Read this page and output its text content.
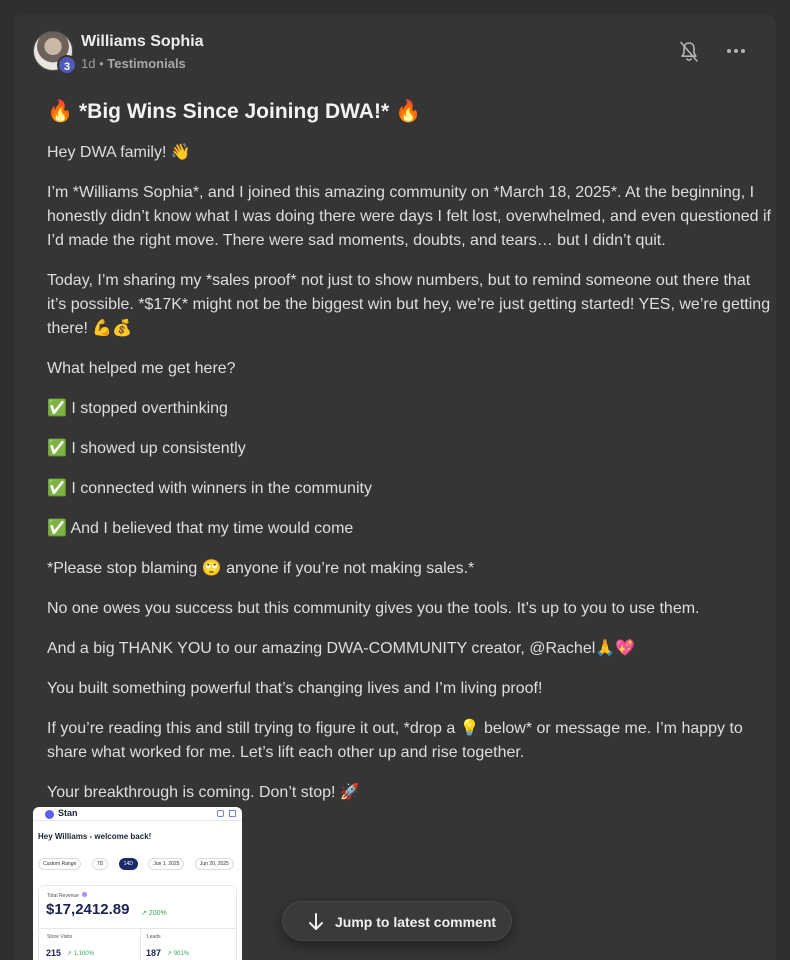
3
Williams Sophia
1d • Testimonials
🔥 *Big Wins Since Joining DWA!* 🔥

Hey DWA family! 👋

I’m *Williams Sophia*, and I joined this amazing community on *March 18, 2025*. At the beginning, I honestly didn’t know what I was doing there were days I felt lost, overwhelmed, and even questioned if I’d made the right move. There were sad moments, doubts, and tears… but I didn’t quit.

Today, I’m sharing my *sales proof* not just to show numbers, but to remind someone out there that it’s possible. *$17K* might not be the biggest win but hey, we’re just getting started! YES, we’re getting there! 💪💰

What helped me get here?

✅ I stopped overthinking

✅ I showed up consistently

✅ I connected with winners in the community

✅ And I believed that my time would come

*Please stop blaming 🙄 anyone if you’re not making sales.*

No one owes you success but this community gives you the tools. It’s up to you to use them.

And a big THANK YOU to our amazing DWA-COMMUNITY creator, @Rachel🙏💖

You built something powerful that’s changing lives and I’m living proof!

If you’re reading this and still trying to figure it out, *drop a 💡 below* or message me. I’m happy to share what worked for me. Let’s lift each other up and rise together.

Your breakthrough is coming. Don’t stop! 🚀

Stan
Hey Williams - welcome back!
Custom Range	7D	14D	Jun 1, 2025	Jun 20, 2025
Total Revenue
$17,2412.89 ↗ 200%
Store Visits
215 ↗ 1,100%
Leads
187 ↗ 901%
Jump to latest comment
